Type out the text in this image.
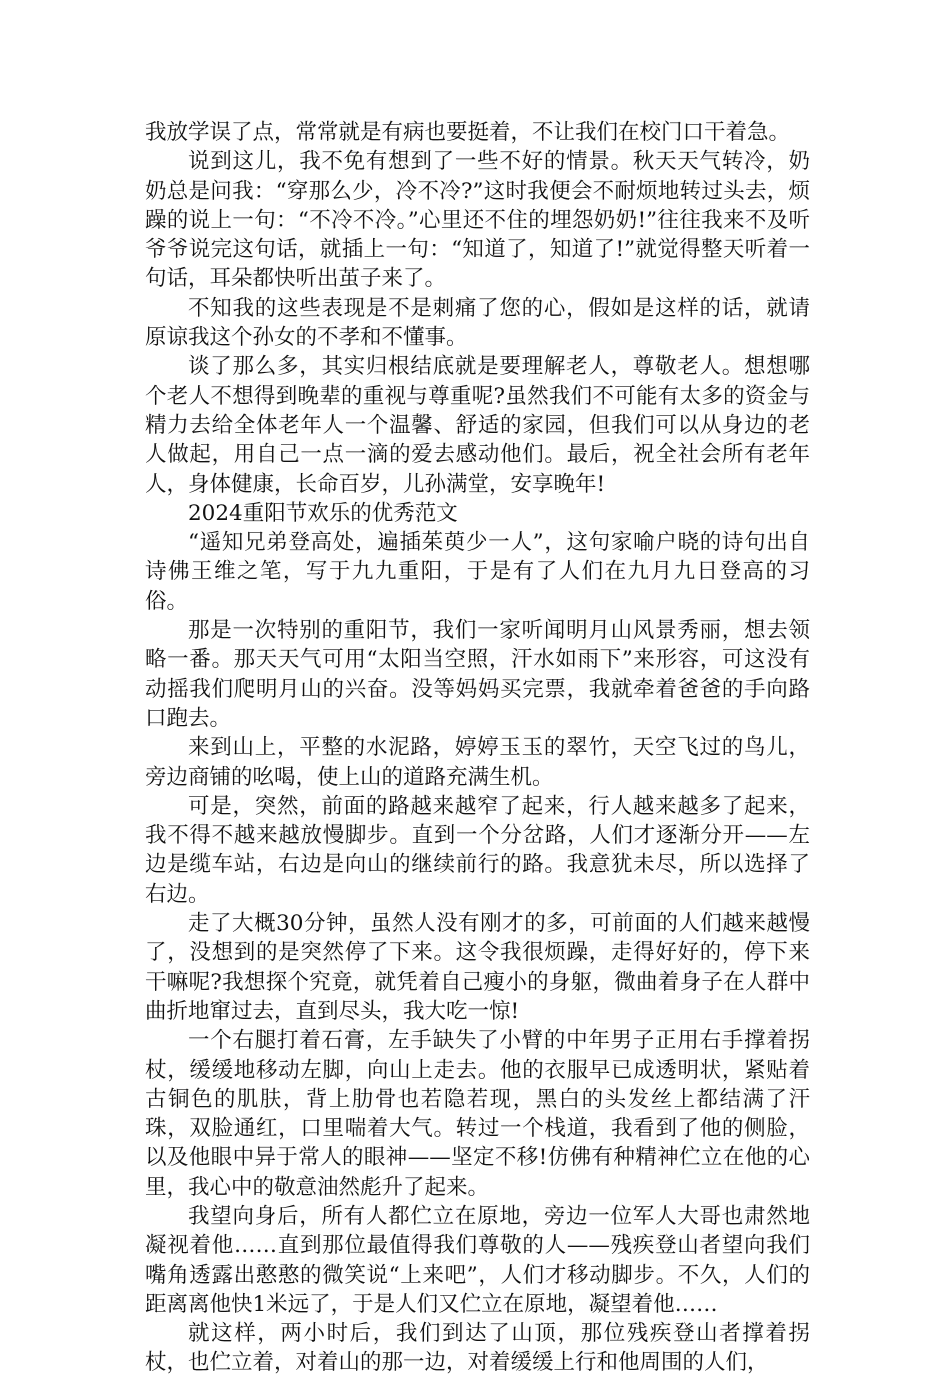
我放学误了点，常常就是有病也要挺着，不让我们在校门口干着急。

说到这儿，我不免有想到了一些不好的情景。秋天天气转冷，奶奶总是问我：“穿那么少，冷不冷?”这时我便会不耐烦地转过头去，烦躁的说上一句：“不冷不冷。”心里还不住的埋怨奶奶!”往往我来不及听爷爷说完这句话，就插上一句：“知道了，知道了!”就觉得整天听着一句话，耳朵都快听出茧子来了。

不知我的这些表现是不是刺痛了您的心，假如是这样的话，就请原谅我这个孙女的不孝和不懂事。

谈了那么多，其实归根结底就是要理解老人，尊敬老人。想想哪个老人不想得到晚辈的重视与尊重呢?虽然我们不可能有太多的资金与精力去给全体老年人一个温馨、舒适的家园，但我们可以从身边的老人做起，用自己一点一滴的爱去感动他们。最后，祝全社会所有老年人，身体健康，长命百岁，儿孙满堂，安享晚年!

2024重阳节欢乐的优秀范文

“遥知兄弟登高处，遍插茱萸少一人”，这句家喻户晓的诗句出自诗佛王维之笔，写于九九重阳，于是有了人们在九月九日登高的习俗。

那是一次特别的重阳节，我们一家听闻明月山风景秀丽，想去领略一番。那天天气可用“太阳当空照，汗水如雨下”来形容，可这没有动摇我们爬明月山的兴奋。没等妈妈买完票，我就牵着爸爸的手向路口跑去。

来到山上，平整的水泥路，婷婷玉玉的翠竹，天空飞过的鸟儿，旁边商铺的吆喝，使上山的道路充满生机。

可是，突然，前面的路越来越窄了起来，行人越来越多了起来，我不得不越来越放慢脚步。直到一个分岔路，人们才逐渐分开——左边是缆车站，右边是向山的继续前行的路。我意犹未尽，所以选择了右边。

走了大概30分钟，虽然人没有刚才的多，可前面的人们越来越慢了，没想到的是突然停了下来。这令我很烦躁，走得好好的，停下来干嘛呢?我想探个究竟，就凭着自己瘦小的身躯，微曲着身子在人群中曲折地窜过去，直到尽头，我大吃一惊!

一个右腿打着石膏，左手缺失了小臂的中年男子正用右手撑着拐杖，缓缓地移动左脚，向山上走去。他的衣服早已成透明状，紧贴着古铜色的肌肤，背上肋骨也若隐若现，黑白的头发丝上都结满了汗珠，双脸通红，口里喘着大气。转过一个栈道，我看到了他的侧脸，以及他眼中异于常人的眼神——坚定不移!仿佛有种精神伫立在他的心里，我心中的敬意油然彪升了起来。

我望向身后，所有人都伫立在原地，旁边一位军人大哥也肃然地凝视着他……直到那位最值得我们尊敬的人——残疾登山者望向我们嘴角透露出憨憨的微笑说“上来吧”，人们才移动脚步。不久，人们的距离离他快1米远了，于是人们又伫立在原地，凝望着他……

就这样，两小时后，我们到达了山顶，那位残疾登山者撑着拐杖，也伫立着，对着山的那一边，对着缓缓上行和他周围的人们，
